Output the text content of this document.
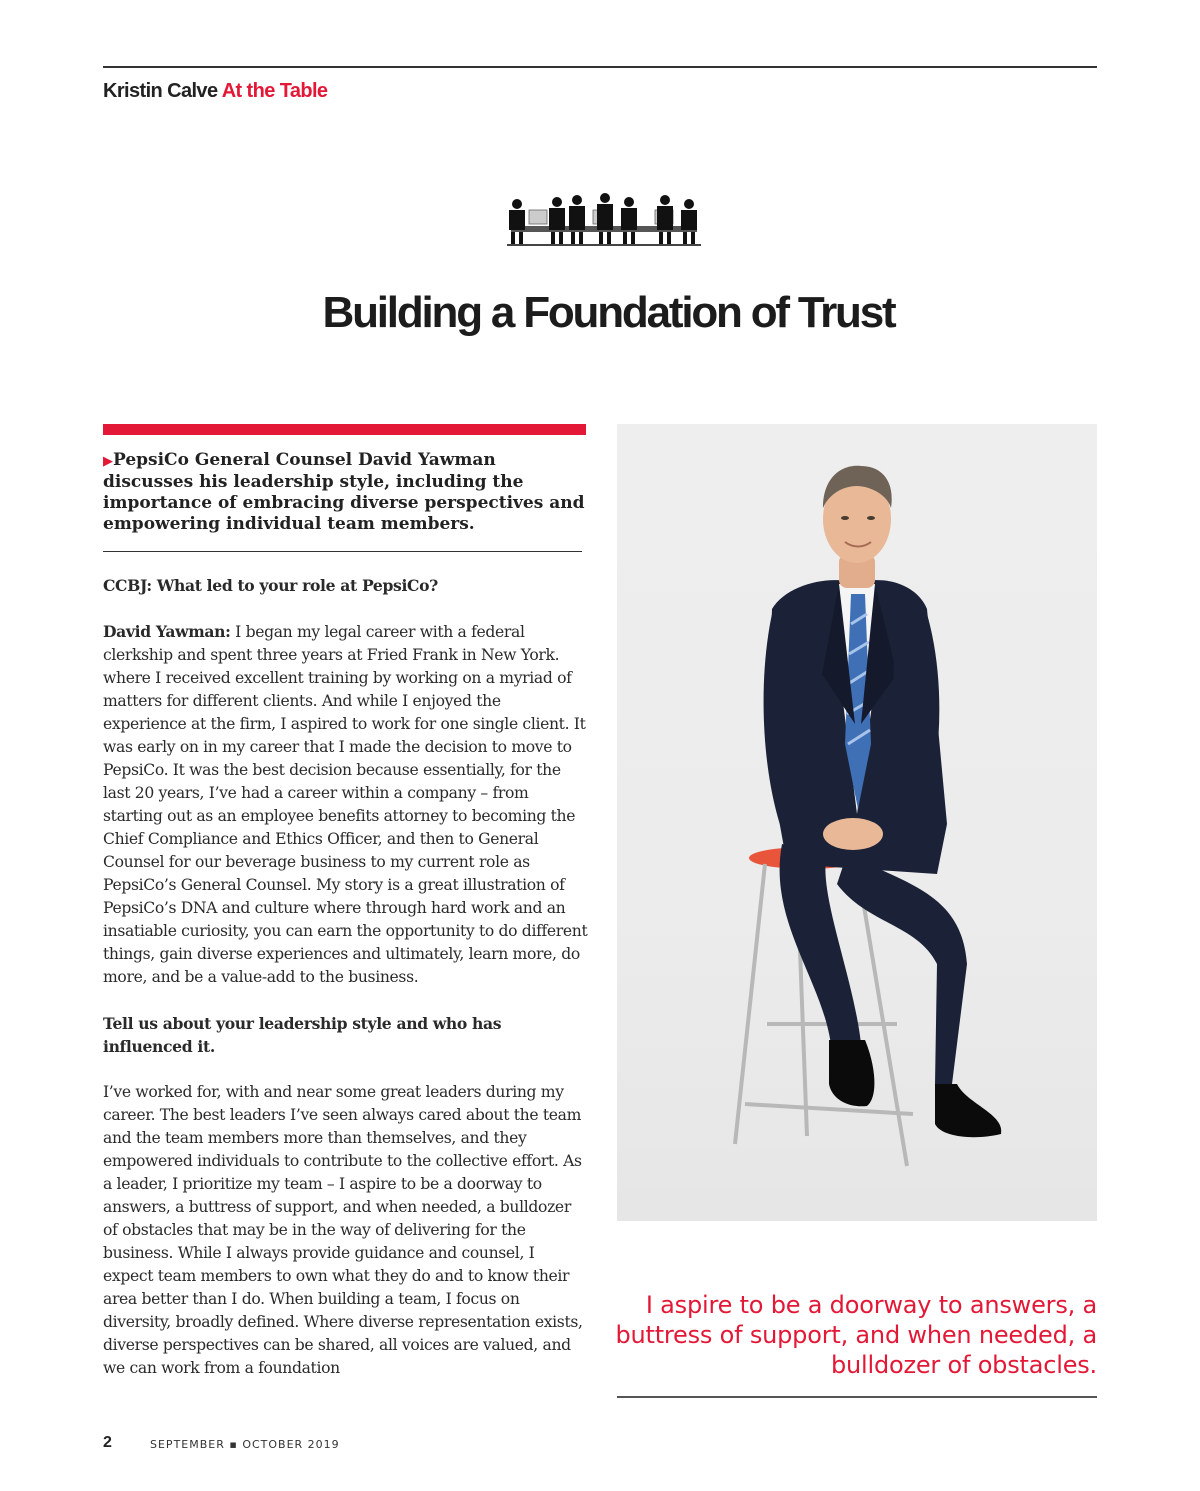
Kristin Calve At the Table
Building a Foundation of Trust
▶PepsiCo General Counsel David Yawman discusses his leadership style, including the importance of embracing diverse perspectives and empowering individual team members.

CCBJ: What led to your role at PepsiCo?

David Yawman: I began my legal career with a federal clerkship and spent three years at Fried Frank in New York. where I received excellent training by working on a myriad of matters for different clients. And while I enjoyed the experience at the firm, I aspired to work for one single client. It was early on in my career that I made the decision to move to PepsiCo. It was the best decision because essentially, for the last 20 years, I’ve had a career within a company – from starting out as an employee benefits attorney to becoming the Chief Compliance and Ethics Officer, and then to General Counsel for our beverage business to my current role as PepsiCo’s General Counsel. My story is a great illustration of PepsiCo’s DNA and culture where through hard work and an insatiable curiosity, you can earn the opportunity to do different things, gain diverse experiences and ultimately, learn more, do more, and be a value-add to the business.

Tell us about your leadership style and who has influenced it.

I’ve worked for, with and near some great leaders during my career. The best leaders I’ve seen always cared about the team and the team members more than themselves, and they empowered individuals to contribute to the collective effort. As a leader, I prioritize my team – I aspire to be a doorway to answers, a buttress of support, and when needed, a bulldozer of obstacles that may be in the way of delivering for the business. While I always provide guidance and counsel, I expect team members to own what they do and to know their area better than I do. When building a team, I focus on diversity, broadly defined. Where diverse representation exists, diverse perspectives can be shared, all voices are valued, and we can work from a foundation

I aspire to be a doorway to answers, a buttress of support, and when needed, a bulldozer of obstacles.
2	SEPTEMBER ▪ OCTOBER 2019
